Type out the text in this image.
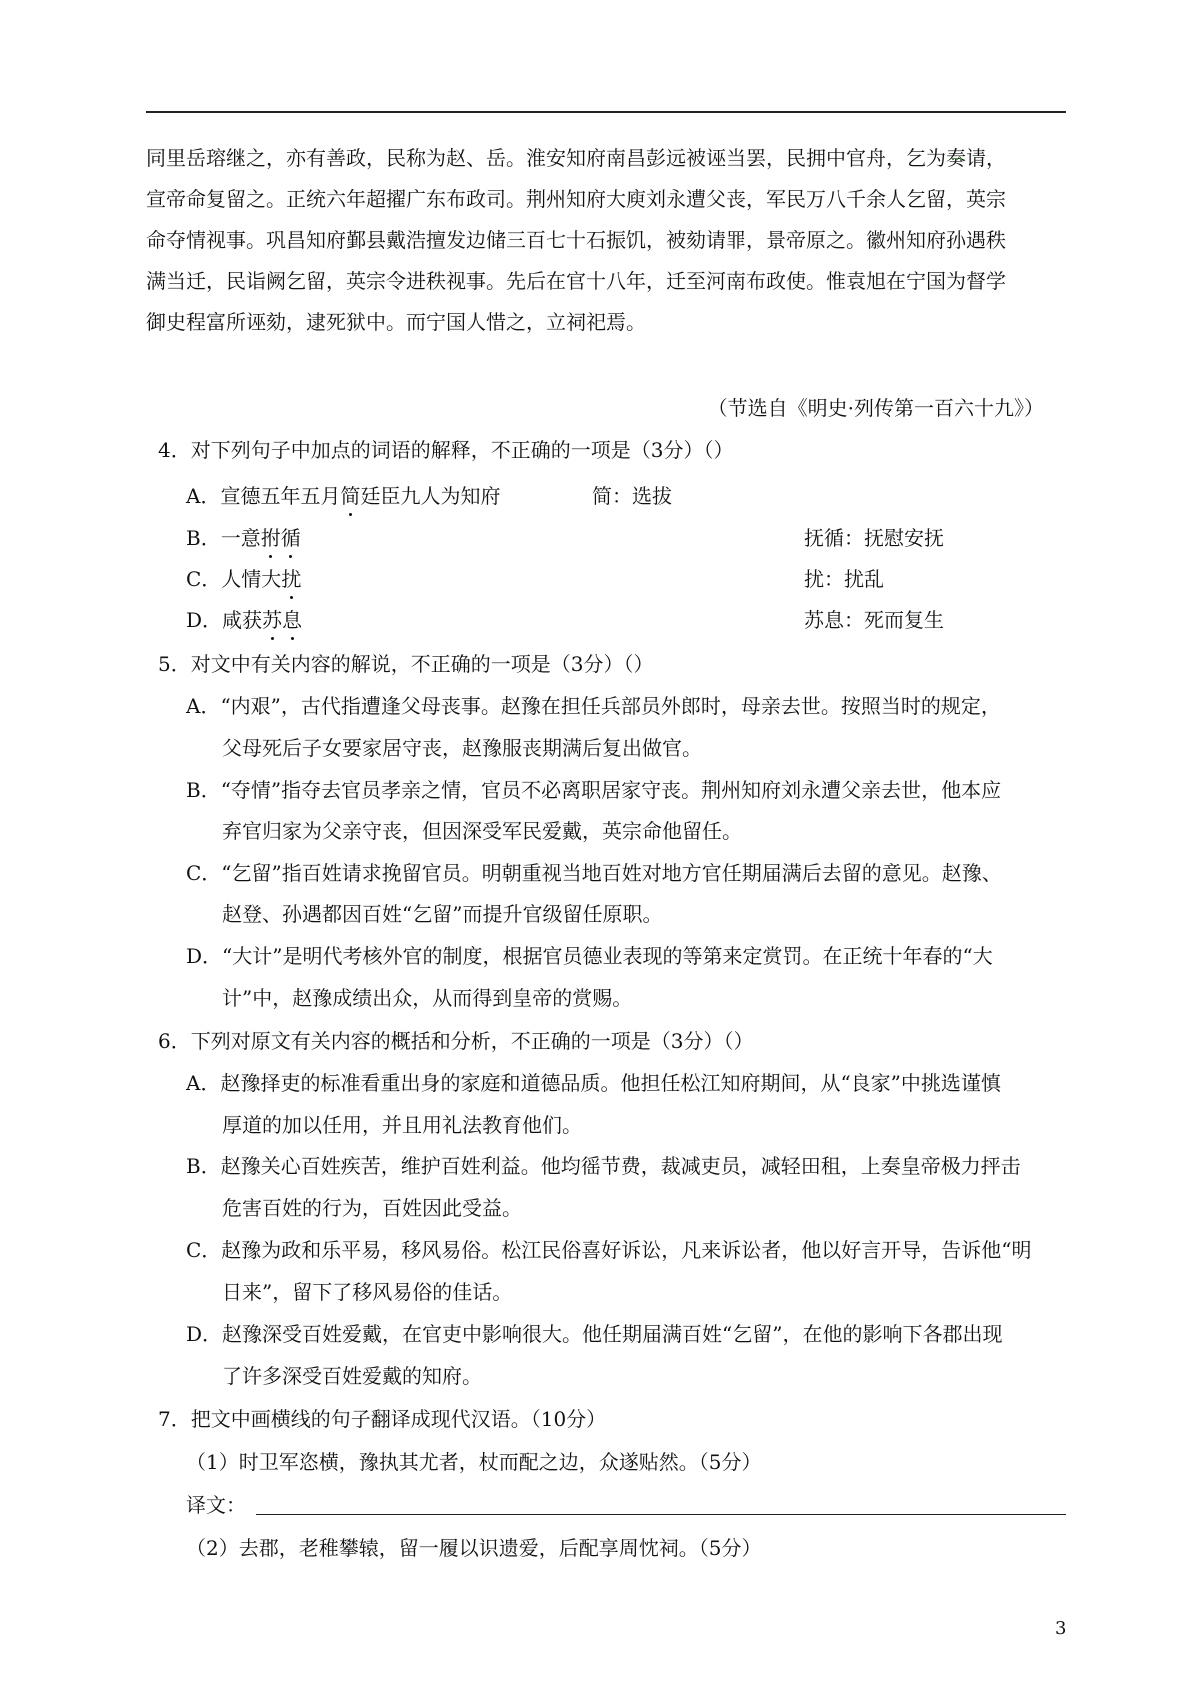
同里岳瑢继之，亦有善政，民称为赵、岳。淮安知府南昌彭远被诬当罢，民拥中官舟，乞为奏请，
宣帝命复留之。正统六年超擢广东布政司。荆州知府大庾刘永遭父丧，军民万八千余人乞留，英宗
命夺情视事。巩昌知府鄞县戴浩擅发边储三百七十石振饥，被劾请罪，景帝原之。徽州知府孙遇秩
满当迁，民诣阙乞留，英宗令进秩视事。先后在官十八年，迁至河南布政使。惟袁旭在宁国为督学
御史程富所诬劾，逮死狱中。而宁国人惜之，立祠祀焉。
（节选自《明史·列传第一百六十九》）
4．对下列句子中加点的词语的解释，不正确的一项是（3分）（）
A．宣德五年五月简廷臣九人为知府	简：选拔
B．一意拊循	抚循：抚慰安抚
C．人情大扰	扰：扰乱
D．咸获苏息	苏息：死而复生
5．对文中有关内容的解说，不正确的一项是（3分）（）
A．“内艰”，古代指遭逢父母丧事。赵豫在担任兵部员外郎时，母亲去世。按照当时的规定，
父母死后子女要家居守丧，赵豫服丧期满后复出做官。
B．“夺情”指夺去官员孝亲之情，官员不必离职居家守丧。荆州知府刘永遭父亲去世，他本应
弃官归家为父亲守丧，但因深受军民爱戴，英宗命他留任。
C．“乞留”指百姓请求挽留官员。明朝重视当地百姓对地方官任期届满后去留的意见。赵豫、
赵登、孙遇都因百姓“乞留”而提升官级留任原职。
D．“大计”是明代考核外官的制度，根据官员德业表现的等第来定赏罚。在正统十年春的“大
计”中，赵豫成绩出众，从而得到皇帝的赏赐。
6．下列对原文有关内容的概括和分析，不正确的一项是（3分）（）
A．赵豫择吏的标准看重出身的家庭和道德品质。他担任松江知府期间，从“良家”中挑选谨慎
厚道的加以任用，并且用礼法教育他们。
B．赵豫关心百姓疾苦，维护百姓利益。他均徭节费，裁减吏员，减轻田租，上奏皇帝极力抨击
危害百姓的行为，百姓因此受益。
C．赵豫为政和乐平易，移风易俗。松江民俗喜好诉讼，凡来诉讼者，他以好言开导，告诉他“明
日来”，留下了移风易俗的佳话。
D．赵豫深受百姓爱戴，在官吏中影响很大。他任期届满百姓“乞留”，在他的影响下各郡出现
了许多深受百姓爱戴的知府。
7．把文中画横线的句子翻译成现代汉语。（10分）
（1）时卫军恣横，豫执其尤者，杖而配之边，众遂贴然。（5分）
译文：
（2）去郡，老稚攀辕，留一履以识遗爱，后配享周忱祠。（5分）
3
